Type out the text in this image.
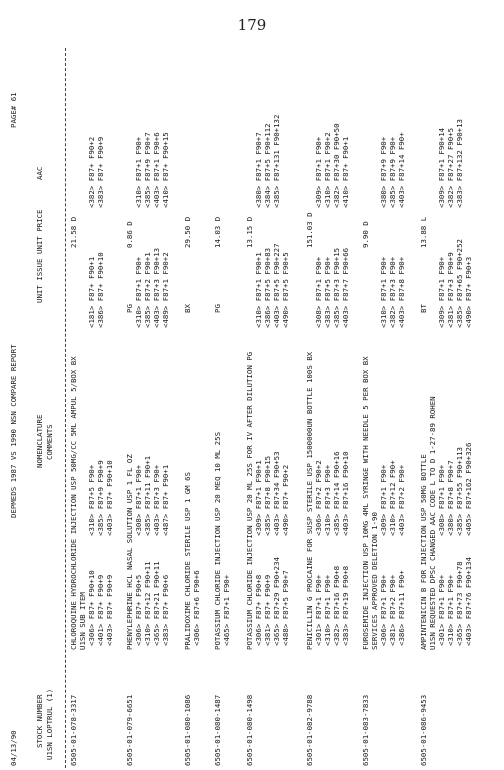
179
04/13/90
DEPMEDS 1987 VS 1990 NSN COMPARE REPORT
PAGE# 61
STOCK NUMBER U1SN LOPTRUL (1)
NOMENCLATURE COMMENTS
UNIT ISSUE UNIT PRICE
AAC
6505-01-078-3317
CHLOROQUINE HYDROCHLORIDE INJECTION USP 50MG/CC 5ML AMPUL 5/BOX BX U1SN SUB ITEM
21.58 D
<306> F87+ F90+10 <401> F87+ F90+9 <403> F87+ F90+9
<310> F87+5 F90+ <385> F87+9 F90+9 <403> F87+ F90+10
<181> F87+ F90+1 <386> F87+ F90+10
<382> F87+ F90+2 <383> F87+ F90+9
6505-01-079-6651
PHENYLEPHRINE HCL NASAL SOLUTION USP 1 FL OZ
PG
0.86 D
<306> F87+ F90+5 <310> F87+12 F90+11 <365> F87+21 F90+11 <383> F87+ F90+6
<308> F87+1 F90+ <385> F87+11 F90+1 <403> F87+3 F90+ <487> F87+ F90+1
<310> F87+1 F90+ <385> F87+2 F90+1 <403> F87+3 F90+13 <489> F87+1 F90+2
<310> F87+1 F90+ <385> F87+9 F90+7 <403> F87+1 F90+6 <410> F87+ F90+15
6505-01-080-1086
PRALIDOXIME CHLORIDE STERILE USP 1 GM 6S
BX
29.50 D
<306> F87+6 F90+6
6505-01-080-1487
POTASSIUM CHLORIDE INJECTION USP 20 MEQ 10 ML 25S
PG
14.03 D
<465> F87+1 F90+
6505-01-080-1498
POTASSIUM CHLORIDE INJECTION USP 20 ML 25S FOR IV AFTER DILUTION PG
13.15 D
<306> F87+ F90+8 <381> F87+ F90+9 <365> F87+29 F90+234 <488> F87+5 F90+7
<309> F87+1 F90+1 <385> F87+8 F90+15 <403> F87+34 F90+53 <490> F87+ F90+2
<310> F87+1 F90+1 <386> F87+5 F90+83 <403> F87+5 F90+227 <490> F87+5 F90+5
<380> F87+1 F90+7 <384> F87+5 F90+112 <385> F87+131 F90+132
6505-01-082-9788
PENICILLIN G PROCAINE FOR SUSP STERILE USP 1500000UN BOTTLE 100S BX
151.03 D
<301> F87+1 F90+ <310> F87+1 F90+ <382> F87+16 F90+8 <383> F87+19 F90+8
<306> F87+2 F90+2 <310> F87+3 F90+ <385> F87+14 F90+16 <403> F87+16 F90+10
<308> F87+1 F90+ <383> F87+5 F90+ <385> F87+3 F90+15 <403> F87+7 F90+66
<309> F87+1 F90+ <310> F87+1 F90+2 <382> F87+30 F90+50 <410> F87+ F90+1
6505-01-083-7833
FUROSEMIDE INJECTION USP 10MG 4ML SYRINGE WITH NEEDLE 5 PER BOX BX SERVICES APPROVED DELETION 1-90
9.90 D
<306> F87+1 F90+ <381> F87+2 F90+ <386> F87+11 F90+
<309> F87+1 F90+ <310> F87+12 F90+ <403> F87+2 F90+
<310> F87+1 F90+ <382> F87+3 F90+ <403> F87+8 F90+
<380> F87+9 F90+ <385> F87+9 F90+ <403> F87+14 F90+
6505-01-086-9453
AMPINTENICIN B FOR INJECTION USP 50MG BOTTLE U1SN REQUESTED DPSC CHANGED AAC CODE L TO D 1-27-89 ROHEN
BT
13.88 L
<301> F87+1 F90+ <310> F87+1 F90+ <365> F87+73 F90+78 <403> F87+76 F90+134
<308> F87+1 F90+ <380> F87+8 F90+7 <385> F87+55 F90+113 <405> F87+162 F90+326
<309> F87+1 F90+ <381> F87+3 F90+9 <385> F87+65 F90+252 <490> F87+ F90+3
<309> F87+1 F90+14 <382> F87+27 F90+5 <383> F87+132 F90+13
